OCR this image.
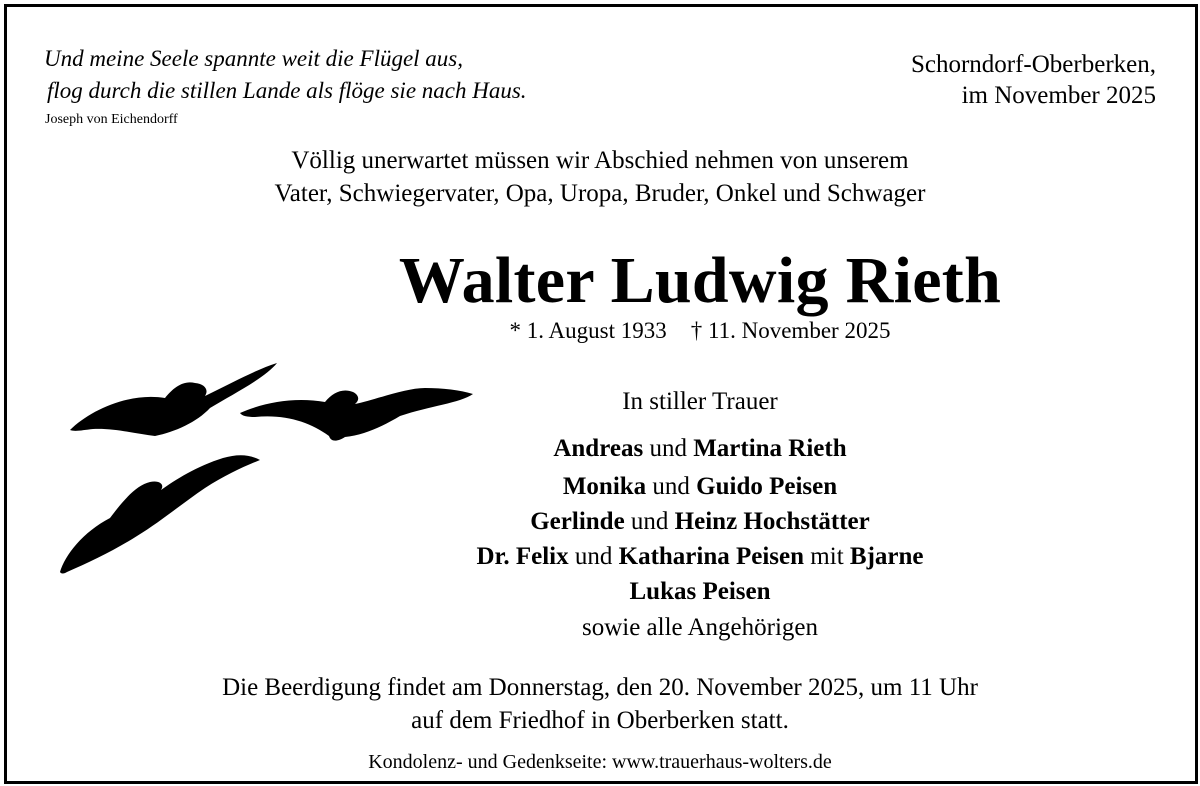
Und meine Seele spannte weit die Flügel aus,
flog durch die stillen Lande als flöge sie nach Haus.
Joseph von Eichendorff
Schorndorf-Oberberken,
im November 2025
Völlig unerwartet müssen wir Abschied nehmen von unserem
Vater, Schwiegervater, Opa, Uropa, Bruder, Onkel und Schwager
Walter Ludwig Rieth
* 1. August 1933 † 11. November 2025
In stiller Trauer
Andreas und Martina Rieth
Monika und Guido Peisen
Gerlinde und Heinz Hochstätter
Dr. Felix und Katharina Peisen mit Bjarne
Lukas Peisen
sowie alle Angehörigen
Die Beerdigung findet am Donnerstag, den 20. November 2025, um 11 Uhr
auf dem Friedhof in Oberberken statt.
Kondolenz- und Gedenkseite: www.trauerhaus-wolters.de
